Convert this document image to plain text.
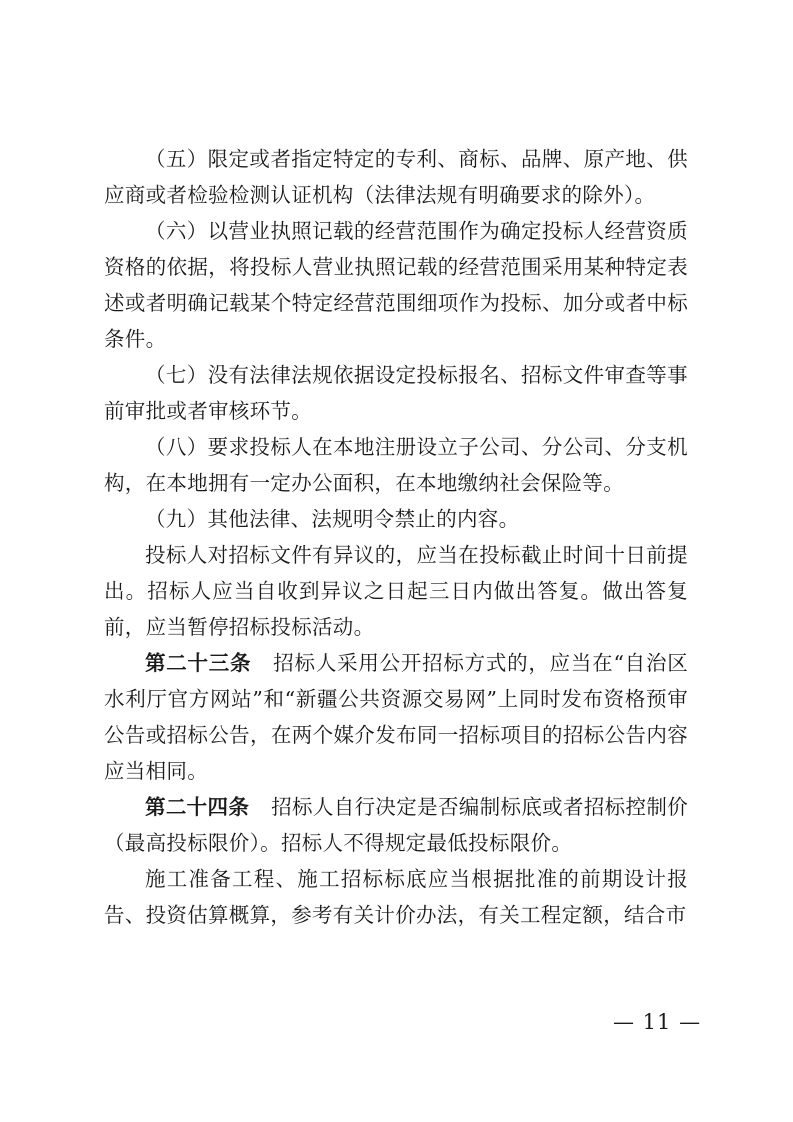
（五）限定或者指定特定的专利、商标、品牌、原产地、供应商或者检验检测认证机构（法律法规有明确要求的除外）。

（六）以营业执照记载的经营范围作为确定投标人经营资质资格的依据，将投标人营业执照记载的经营范围采用某种特定表述或者明确记载某个特定经营范围细项作为投标、加分或者中标条件。

（七）没有法律法规依据设定投标报名、招标文件审查等事前审批或者审核环节。

（八）要求投标人在本地注册设立子公司、分公司、分支机构，在本地拥有一定办公面积，在本地缴纳社会保险等。

（九）其他法律、法规明令禁止的内容。

投标人对招标文件有异议的，应当在投标截止时间十日前提出。招标人应当自收到异议之日起三日内做出答复。做出答复前，应当暂停招标投标活动。

第二十三条 招标人采用公开招标方式的，应当在“自治区水利厅官方网站”和“新疆公共资源交易网”上同时发布资格预审公告或招标公告，在两个媒介发布同一招标项目的招标公告内容应当相同。

第二十四条 招标人自行决定是否编制标底或者招标控制价（最高投标限价）。招标人不得规定最低投标限价。

施工准备工程、施工招标标底应当根据批准的前期设计报告、投资估算概算，参考有关计价办法，有关工程定额，结合市

— 11 —
